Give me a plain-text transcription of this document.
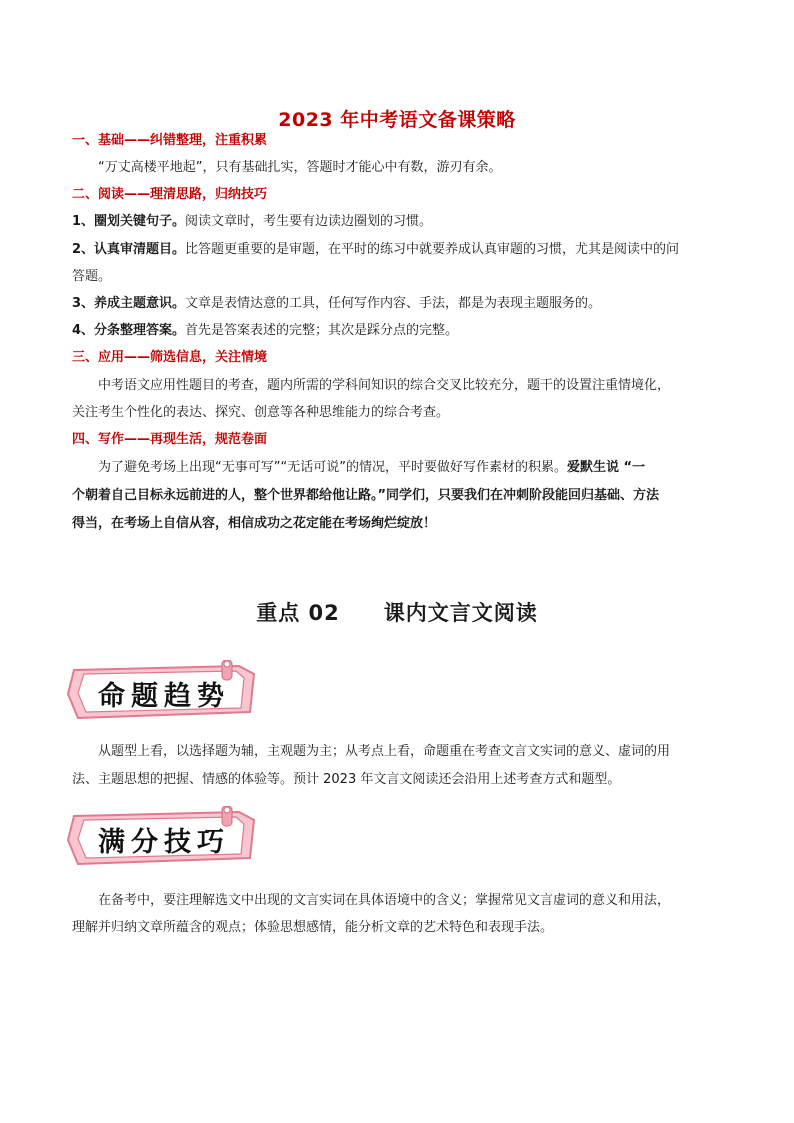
2023 年中考语文备课策略
一、基础——纠错整理，注重积累
“万丈高楼平地起”，只有基础扎实，答题时才能心中有数，游刃有余。
二、阅读——理清思路，归纳技巧
1、圈划关键句子。阅读文章时，考生要有边读边圈划的习惯。
2、认真审清题目。比答题更重要的是审题，在平时的练习中就要养成认真审题的习惯，尤其是阅读中的问
答题。
3、养成主题意识。文章是表情达意的工具，任何写作内容、手法，都是为表现主题服务的。
4、分条整理答案。首先是答案表述的完整；其次是踩分点的完整。
三、应用——筛选信息，关注情境
中考语文应用性题目的考查，题内所需的学科间知识的综合交叉比较充分，题干的设置注重情境化，
关注考生个性化的表达、探究、创意等各种思维能力的综合考查。
四、写作——再现生活，规范卷面
为了避免考场上出现“无事可写”“无话可说”的情况，平时要做好写作素材的积累。爱默生说 “一
个朝着自己目标永远前进的人，整个世界都给他让路。”同学们，只要我们在冲刺阶段能回归基础、方法
得当，在考场上自信从容，相信成功之花定能在考场绚烂绽放！
重点 02 课内文言文阅读
命题趋势
从题型上看，以选择题为辅，主观题为主；从考点上看，命题重在考查文言文实词的意义、虚词的用
法、主题思想的把握、情感的体验等。预计 2023 年文言文阅读还会沿用上述考查方式和题型。
满分技巧
在备考中，要注理解选文中出现的文言实词在具体语境中的含义；掌握常见文言虚词的意义和用法，
理解并归纳文章所蕴含的观点；体验思想感情，能分析文章的艺术特色和表现手法。
